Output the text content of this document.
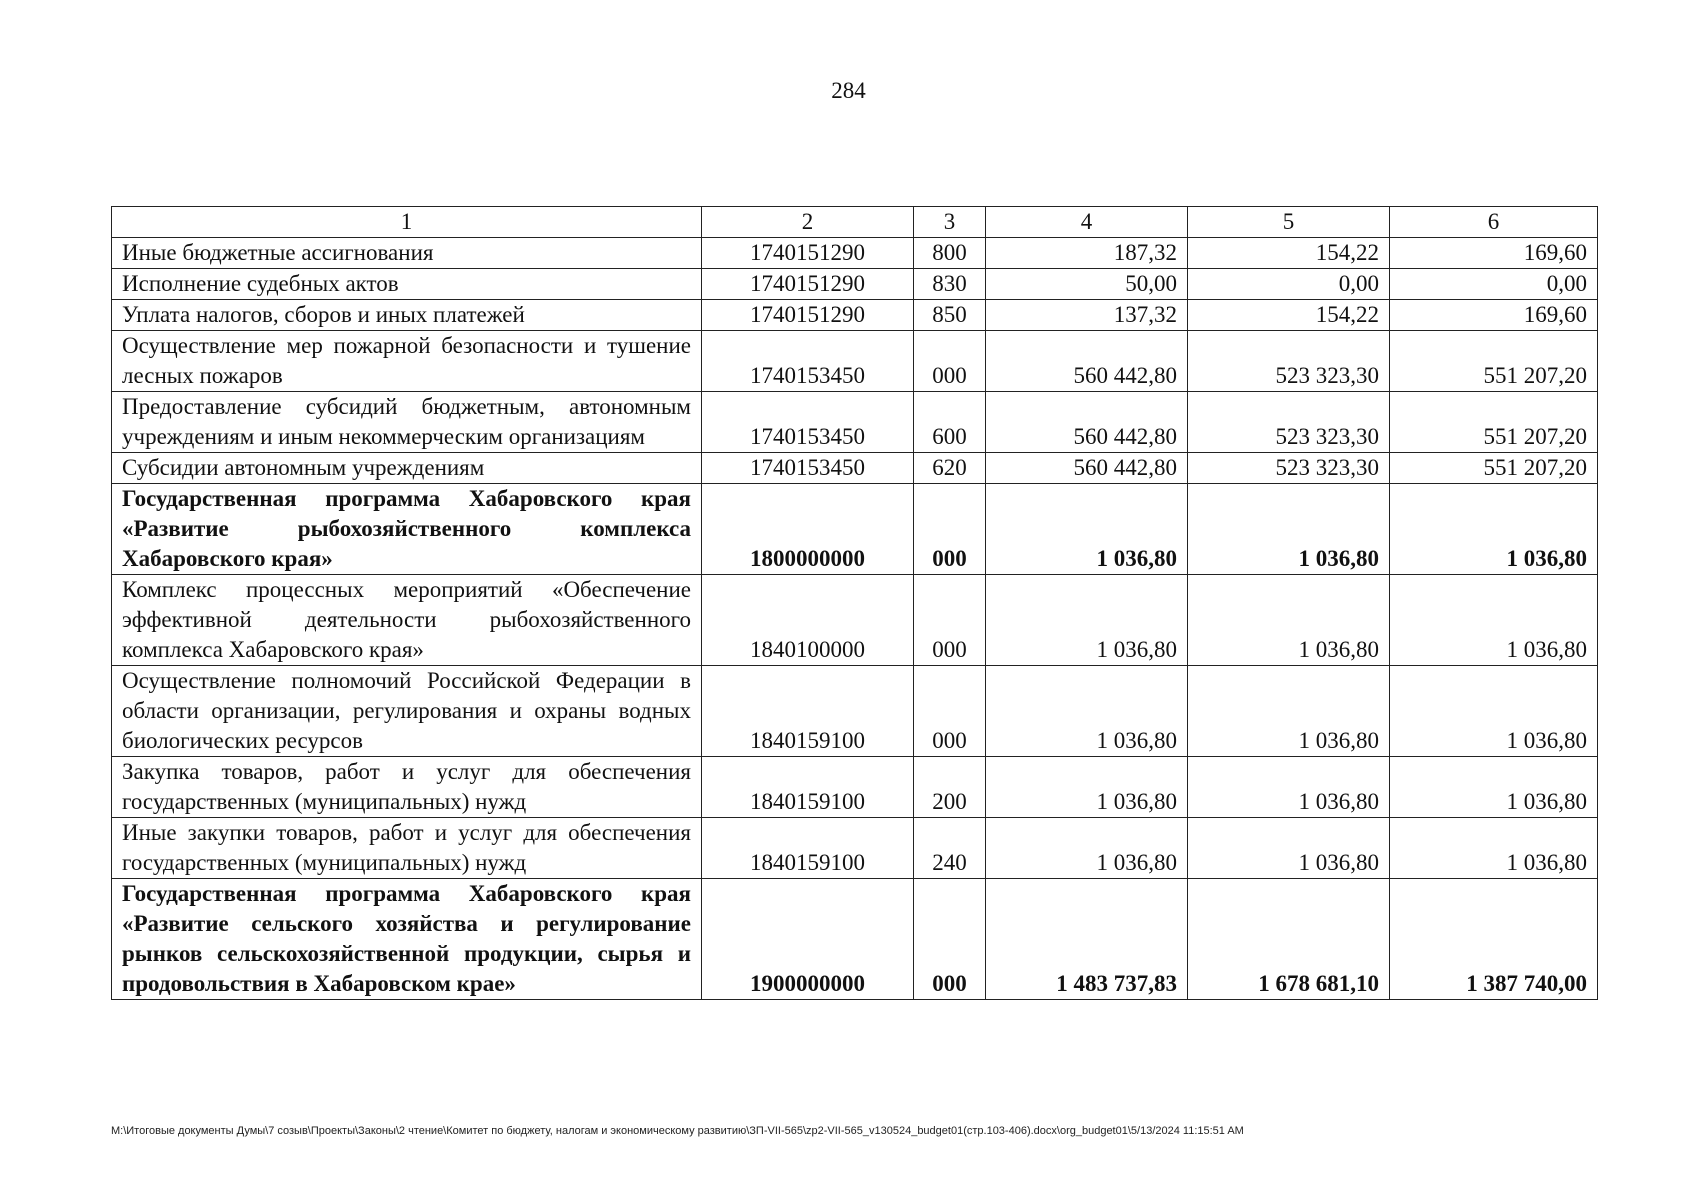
284
1	2	3	4	5	6
Иные бюджетные ассигнования	1740151290	800	187,32	154,22	169,60
Исполнение судебных актов	1740151290	830	50,00	0,00	0,00
Уплата налогов, сборов и иных платежей	1740151290	850	137,32	154,22	169,60
Осуществление мер пожарной безопасности и тушение лесных пожаров	1740153450	000	560 442,80	523 323,30	551 207,20
Предоставление субсидий бюджетным, автономным учреждениям и иным некоммерческим организациям	1740153450	600	560 442,80	523 323,30	551 207,20
Субсидии автономным учреждениям	1740153450	620	560 442,80	523 323,30	551 207,20
Государственная программа Хабаровского края «Развитие рыбохозяйственного комплекса Хабаровского края»	1800000000	000	1 036,80	1 036,80	1 036,80
Комплекс процессных мероприятий «Обеспечение эффективной деятельности рыбохозяйственного комплекса Хабаровского края»	1840100000	000	1 036,80	1 036,80	1 036,80
Осуществление полномочий Российской Федерации в области организации, регулирования и охраны водных биологических ресурсов	1840159100	000	1 036,80	1 036,80	1 036,80
Закупка товаров, работ и услуг для обеспечения государственных (муниципальных) нужд	1840159100	200	1 036,80	1 036,80	1 036,80
Иные закупки товаров, работ и услуг для обеспечения государственных (муниципальных) нужд	1840159100	240	1 036,80	1 036,80	1 036,80
Государственная программа Хабаровского края «Развитие сельского хозяйства и регулирование рынков сельскохозяйственной продукции, сырья и продовольствия в Хабаровском крае»	1900000000	000	1 483 737,83	1 678 681,10	1 387 740,00
M:\Итоговые документы Думы\7 созыв\Проекты\Законы\2 чтение\Комитет по бюджету, налогам и экономическому развитию\ЗП-VII-565\zp2-VII-565_v130524_budget01(стр.103-406).docx\org_budget01\5/13/2024 11:15:51 AM
